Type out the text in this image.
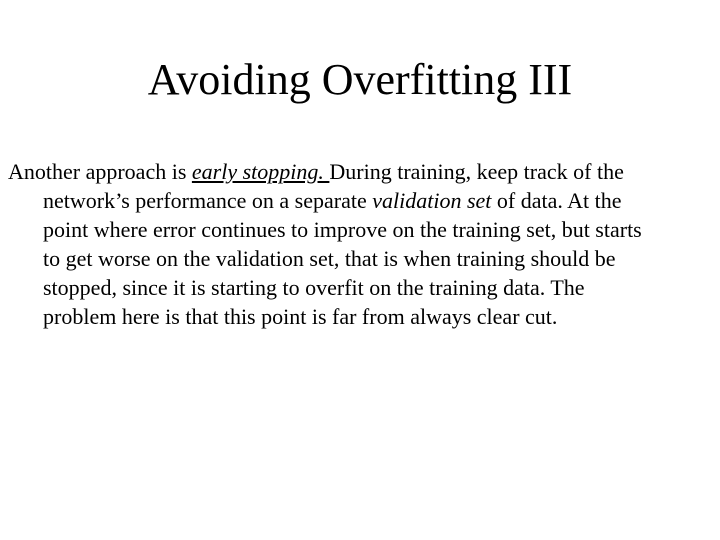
Avoiding Overfitting III
Another approach is early stopping. During training, keep track of the
network’s performance on a separate validation set of data. At the
point where error continues to improve on the training set, but starts
to get worse on the validation set, that is when training should be
stopped, since it is starting to overfit on the training data. The
problem here is that this point is far from always clear cut.
